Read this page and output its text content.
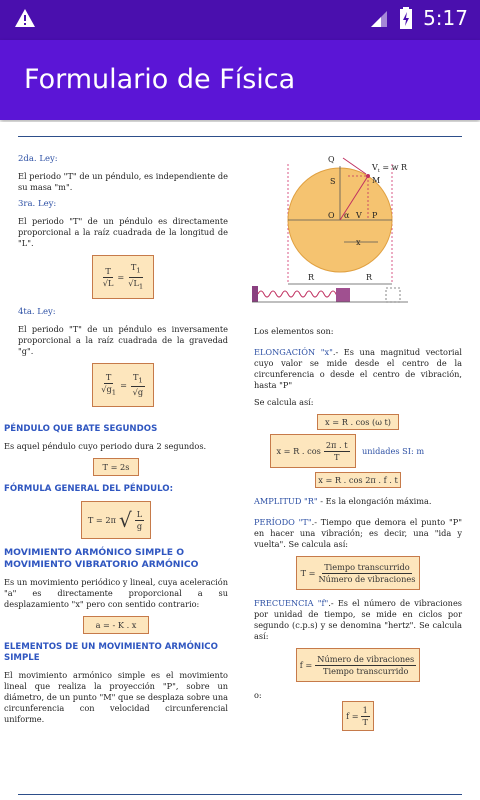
5:17
Formulario de Física
2da. Ley:
El periodo "T" de un péndulo, es independiente de su masa "m".
3ra. Ley:
El periodo "T" de un péndulo es directamente proporcional a la raíz cuadrada de la longitud de "L".
$\frac{T}{√L} = \frac{T_1}{√L_1}$
4ta. Ley:
El periodo "T" de un péndulo es inversamente proporcional a la raíz cuadrada de la gravedad "g".
$\frac{T}{√g_1} = \frac{T_1}{√g}$
PÉNDULO QUE BATE SEGUNDOS
Es aquel péndulo cuyo periodo dura 2 segundos.
T = 2s
FÓRMULA GENERAL DEL PÉNDULO:
T = 2π √ $\frac{L}{g}$
MOVIMIENTO ARMÓNICO SIMPLE O MOVIMIENTO VIBRATORIO ARMÓNICO
Es un movimiento periódico y lineal, cuya aceleración "a" es directamente proporcional a su desplazamiento "x" pero con sentido contrario:
a = - K . x
ELEMENTOS DE UN MOVIMIENTO ARMÓNICO SIMPLE
El movimiento armónico simple es el movimiento lineal que realiza la proyección "P", sobre un diámetro, de un punto "M" que se desplaza sobre una circunferencia con velocidad circunferencial uniforme.
Q
$V_t = w$ R
S	M
O α V P
x
R	R
Los elementos son:
ELONGACIÓN "x".- Es una magnitud vectorial cuyo valor se mide desde el centro de la circunferencia o desde el centro de vibración, hasta "P"
Se calcula así:
x = R . cos (ω t)
x = R . $\cos \frac{2\pi . t}{T}$ unidades SI: m
x = R . cos 2π . f . t
AMPLITUD "R" - Es la elongación máxima.
PERÍODO "T".- Tiempo que demora el punto "P" en hacer una vibración; es decir, una "ida y vuelta". Se calcula así:
$T = \frac{\text{Tiempo transcurrido}}{\text{Número de vibraciones}}$
FRECUENCIA "f".- Es el número de vibraciones por unidad de tiempo, se mide en ciclos por segundo (c.p.s) y se denomina "hertz". Se calcula así:
$f = \frac{\text{Número de vibraciones}}{\text{Tiempo transcurrido}}$
o:
$f = \frac{1}{T}$
